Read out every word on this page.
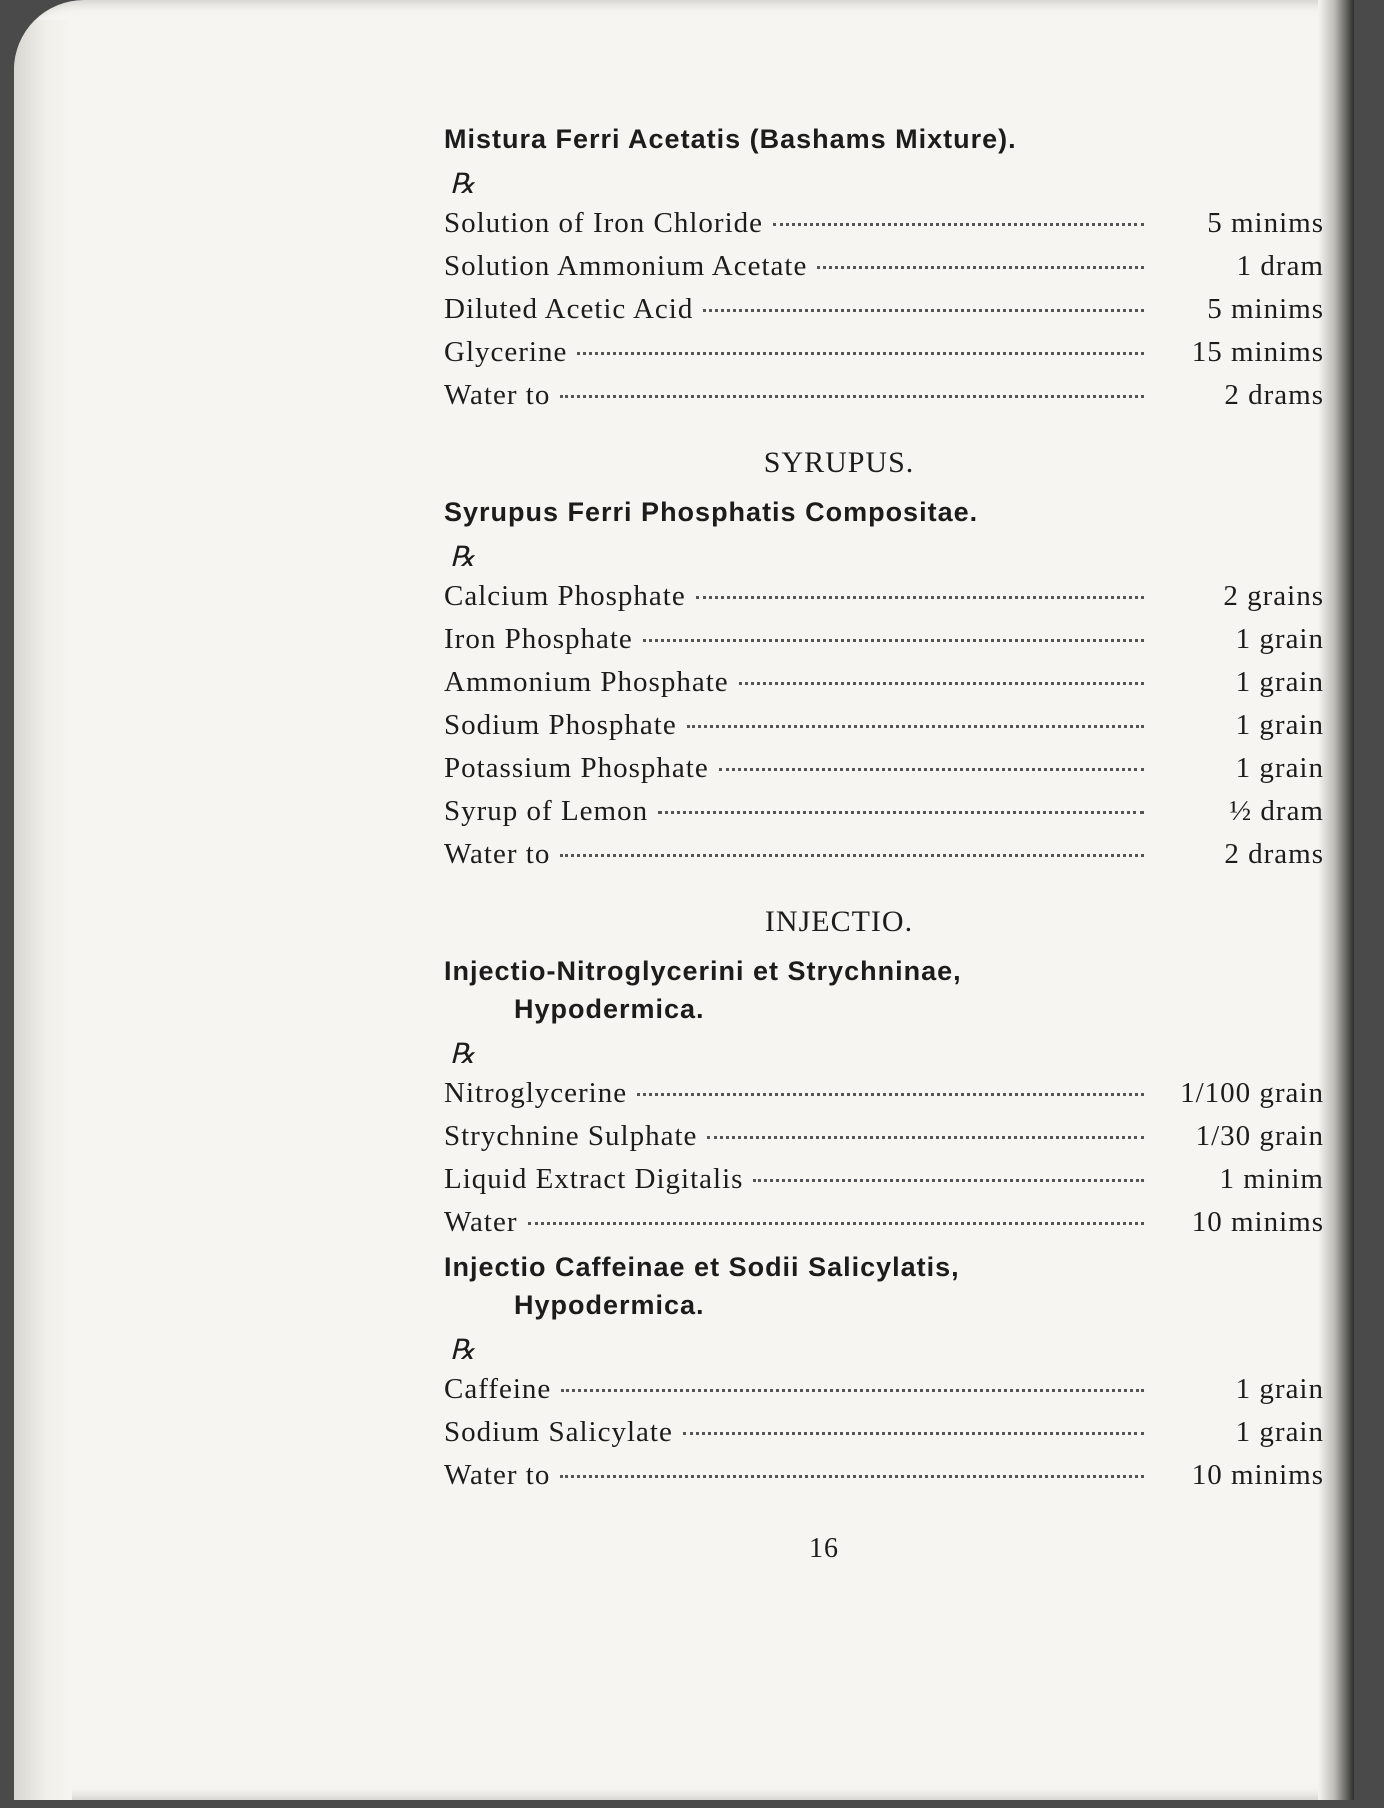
Mistura Ferri Acetatis (Bashams Mixture).
℞
Solution of Iron Chloride	5 minims
Solution Ammonium Acetate	1 dram
Diluted Acetic Acid	5 minims
Glycerine	15 minims
Water to	2 drams
SYRUPUS.
Syrupus Ferri Phosphatis Compositae.
℞
Calcium Phosphate	2 grains
Iron Phosphate	1 grain
Ammonium Phosphate	1 grain
Sodium Phosphate	1 grain
Potassium Phosphate	1 grain
Syrup of Lemon	½ dram
Water to	2 drams
INJECTIO.
Injectio-Nitroglycerini et Strychninae,
Hypodermica.
℞
Nitroglycerine	1/100 grain
Strychnine Sulphate	1/30 grain
Liquid Extract Digitalis	1 minim
Water	10 minims
Injectio Caffeinae et Sodii Salicylatis,
Hypodermica.
℞
Caffeine	1 grain
Sodium Salicylate	1 grain
Water to	10 minims
16
